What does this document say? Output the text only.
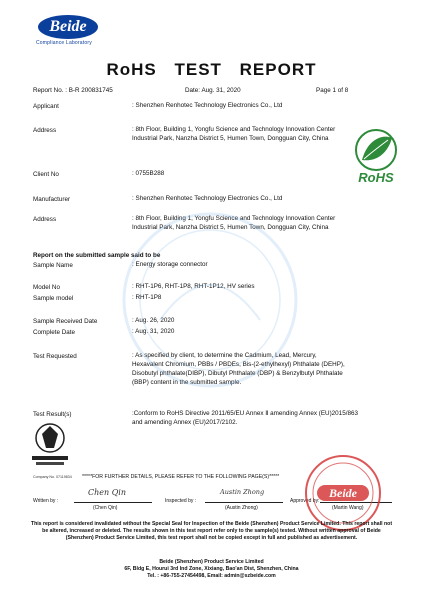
Beide
Compliance Laboratory
RoHS TEST REPORT
Report No. : B-R 200831745	Date: Aug. 31, 2020	Page 1 of 8
Applicant	: Shenzhen Renhotec Technology Electronics Co., Ltd
Address	: 8th Floor, Building 1, Yongfu Science and Technology Innovation Center Industrial Park, Nanzha District 5, Humen Town, Dongguan City, China
Client No	: 0755B288
Manufacturer	: Shenzhen Renhotec Technology Electronics Co., Ltd
Address	: 8th Floor, Building 1, Yongfu Science and Technology Innovation Center Industrial Park, Nanzha District 5, Humen Town, Dongguan City, China
Report on the submitted sample said to be
Sample Name	: Energy storage connector
Model No	: RHT-1P6, RHT-1P8, RHT-1P12, HV series
Sample model	: RHT-1P8
Sample Received Date	: Aug. 26, 2020
Complete Date	: Aug. 31, 2020
Test Requested	: As specified by client, to determine the Cadmium, Lead, Mercury, Hexavalent Chromium, PBBs / PBDEs, Bis-(2-ethylhexyl) Phthalate (DEHP), Disobutyl phthalate(DIBP), Dibutyl Phthalate (DBP) & Benzylbutyl Phthalate (BBP) content in the submitted sample.
Test Result(s)	:Conform to RoHS Directive 2011/65/EU Annex Ⅱ amending Annex (EU)2015/863 and amending Annex (EU)2017/2102.
RoHS
Company No. 07119834 *****FOR FURTHER DETAILS, PLEASE REFER TO THE FOLLOWING PAGE(S)*****
Written by :
Chen Qin
(Chen Qin)
Inspected by :
Austin Zhong
(Austin Zhong)
Approved by:
(Martin Wang)
Beide
This report is considered invalidated without the Special Seal for Inspection of the Beide (Shenzhen) Product Service Limited. This report shall not be altered, increased or deleted. The results shown in this test report refer only to the sample(s) tested. Without written approval of Beide (Shenzhen) Product Service Limited, this test report shall not be copied except in full and published as advertisement.
Beide (Shenzhen) Product Service Limited
6F, Bldg E, Hourui 3rd Ind Zone, Xixiang, Bao'an Dist, Shenzhen, China
Tel. : +86-755-27454498, Email: admin@szbeide.com
